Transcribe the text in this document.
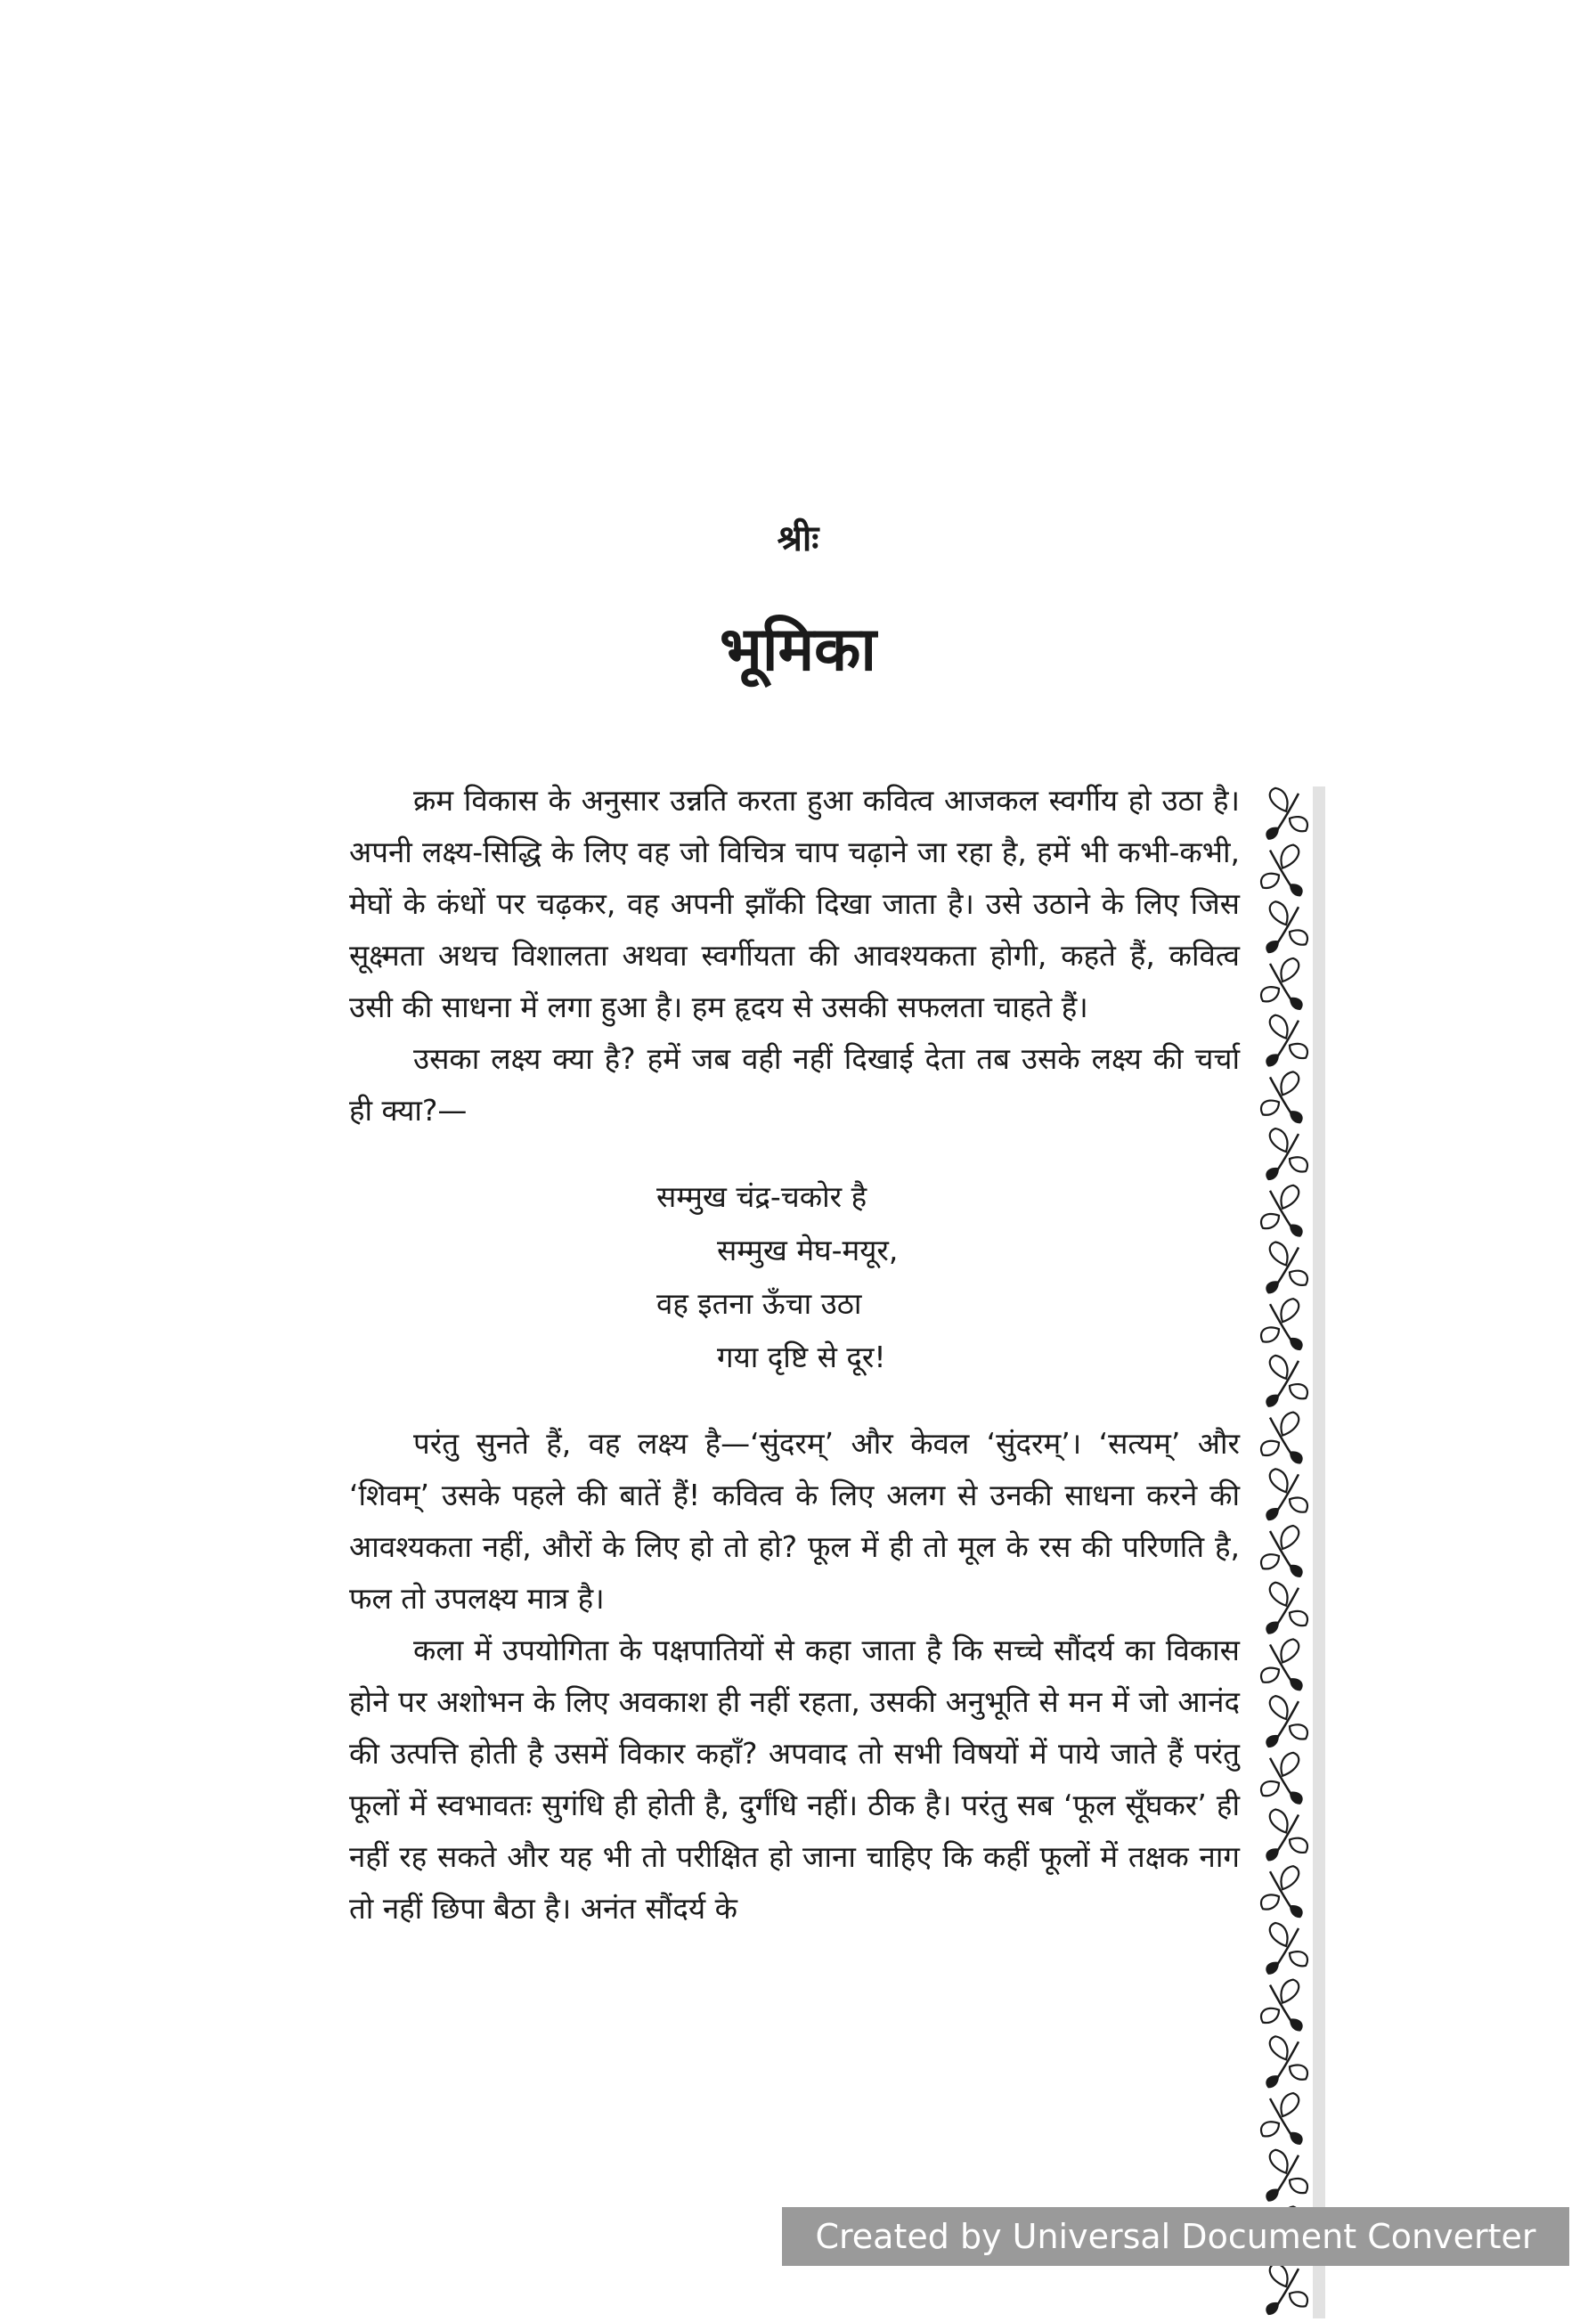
श्रीः
भूमिका

क्रम विकास के अनुसार उन्नति करता हुआ कवित्व आजकल स्वर्गीय हो उठा है। अपनी लक्ष्य-सिद्धि के लिए वह जो विचित्र चाप चढ़ाने जा रहा है, हमें भी कभी-कभी, मेघों के कंधों पर चढ़कर, वह अपनी झाँकी दिखा जाता है। उसे उठाने के लिए जिस सूक्ष्मता अथच विशालता अथवा स्वर्गीयता की आवश्यकता होगी, कहते हैं, कवित्व उसी की साधना में लगा हुआ है। हम हृदय से उसकी सफलता चाहते हैं।

उसका लक्ष्य क्या है? हमें जब वही नहीं दिखाई देता तब उसके लक्ष्य की चर्चा ही क्या?—

सम्मुख चंद्र-चकोर है
सम्मुख मेघ-मयूर,
वह इतना ऊँचा उठा
गया दृष्टि से दूर!

परंतु सुनते हैं, वह लक्ष्य है—‘सुंदरम्’ और केवल ‘सुंदरम्’। ‘सत्यम्’ और ‘शिवम्’ उसके पहले की बातें हैं! कवित्व के लिए अलग से उनकी साधना करने की आवश्यकता नहीं, औरों के लिए हो तो हो? फूल में ही तो मूल के रस की परिणति है, फल तो उपलक्ष्य मात्र है।

कला में उपयोगिता के पक्षपातियों से कहा जाता है कि सच्चे सौंदर्य का विकास होने पर अशोभन के लिए अवकाश ही नहीं रहता, उसकी अनुभूति से मन में जो आनंद की उत्पत्ति होती है उसमें विकार कहाँ? अपवाद तो सभी विषयों में पाये जाते हैं परंतु फूलों में स्वभावतः सुगंधि ही होती है, दुर्गंधि नहीं। ठीक है। परंतु सब ‘फूल सूँघकर’ ही नहीं रह सकते और यह भी तो परीक्षित हो जाना चाहिए कि कहीं फूलों में तक्षक नाग तो नहीं छिपा बैठा है। अनंत सौंदर्य के

Created by Universal Document Converter
